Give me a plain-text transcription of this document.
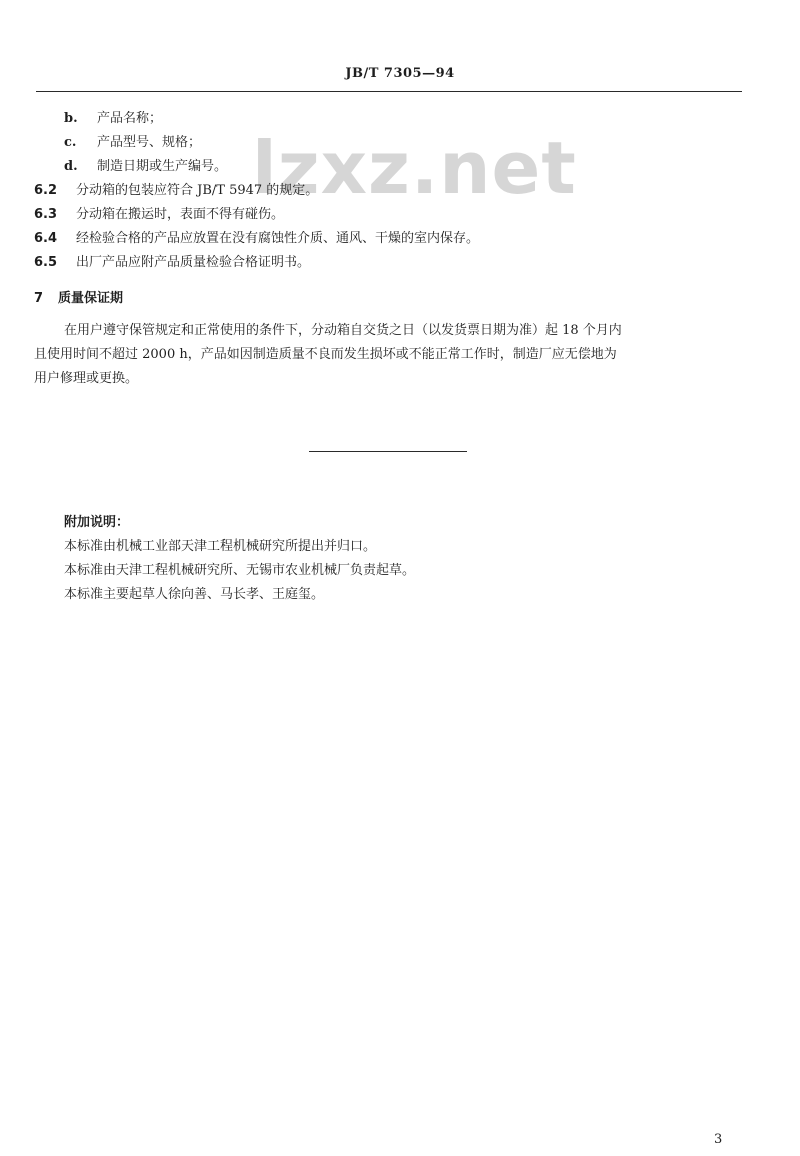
JB/T 7305—94
lzxz.net
b. 产品名称；
c. 产品型号、规格；
d. 制造日期或生产编号。
6.2 分动箱的包装应符合 JB/T 5947 的规定。
6.3 分动箱在搬运时，表面不得有碰伤。
6.4 经检验合格的产品应放置在没有腐蚀性介质、通风、干燥的室内保存。
6.5 出厂产品应附产品质量检验合格证明书。
7 质量保证期
在用户遵守保管规定和正常使用的条件下，分动箱自交货之日（以发货票日期为准）起 18 个月内
且使用时间不超过 2000 h，产品如因制造质量不良而发生损坏或不能正常工作时，制造厂应无偿地为
用户修理或更换。
附加说明：
本标准由机械工业部天津工程机械研究所提出并归口。
本标准由天津工程机械研究所、无锡市农业机械厂负责起草。
本标准主要起草人徐向善、马长孝、王庭玺。
3
